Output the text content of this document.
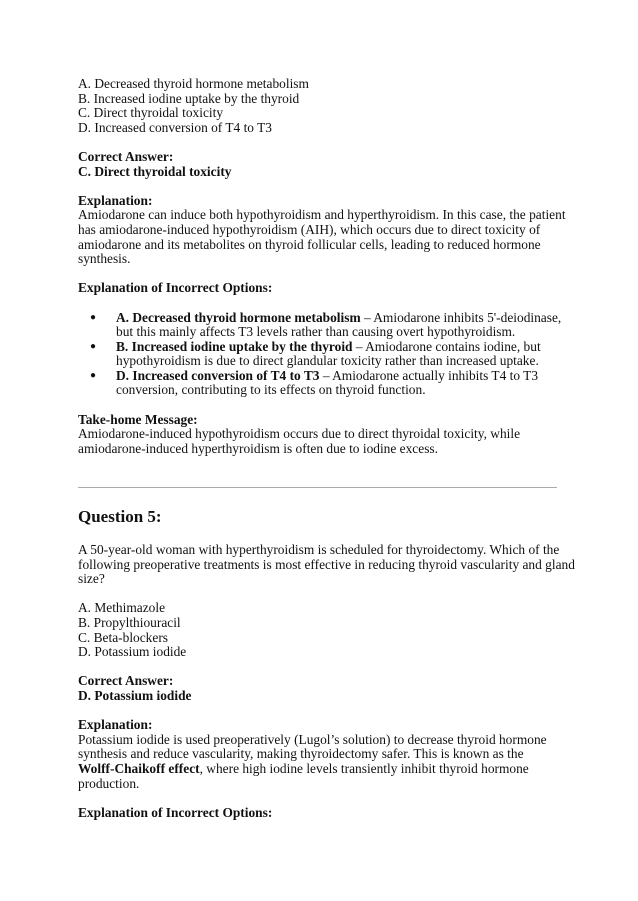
A. Decreased thyroid hormone metabolism
B. Increased iodine uptake by the thyroid
C. Direct thyroidal toxicity
D. Increased conversion of T4 to T3
Correct Answer:
C. Direct thyroidal toxicity
Explanation:
Amiodarone can induce both hypothyroidism and hyperthyroidism. In this case, the patient
has amiodarone-induced hypothyroidism (AIH), which occurs due to direct toxicity of
amiodarone and its metabolites on thyroid follicular cells, leading to reduced hormone
synthesis.
Explanation of Incorrect Options:
● A. Decreased thyroid hormone metabolism – Amiodarone inhibits 5'-deiodinase,
but this mainly affects T3 levels rather than causing overt hypothyroidism.
● B. Increased iodine uptake by the thyroid – Amiodarone contains iodine, but
hypothyroidism is due to direct glandular toxicity rather than increased uptake.
● D. Increased conversion of T4 to T3 – Amiodarone actually inhibits T4 to T3
conversion, contributing to its effects on thyroid function.
Take-home Message:
Amiodarone-induced hypothyroidism occurs due to direct thyroidal toxicity, while
amiodarone-induced hyperthyroidism is often due to iodine excess.
Question 5:
A 50-year-old woman with hyperthyroidism is scheduled for thyroidectomy. Which of the
following preoperative treatments is most effective in reducing thyroid vascularity and gland
size?
A. Methimazole
B. Propylthiouracil
C. Beta-blockers
D. Potassium iodide
Correct Answer:
D. Potassium iodide
Explanation:
Potassium iodide is used preoperatively (Lugol’s solution) to decrease thyroid hormone
synthesis and reduce vascularity, making thyroidectomy safer. This is known as the
Wolff-Chaikoff effect, where high iodine levels transiently inhibit thyroid hormone
production.
Explanation of Incorrect Options:
